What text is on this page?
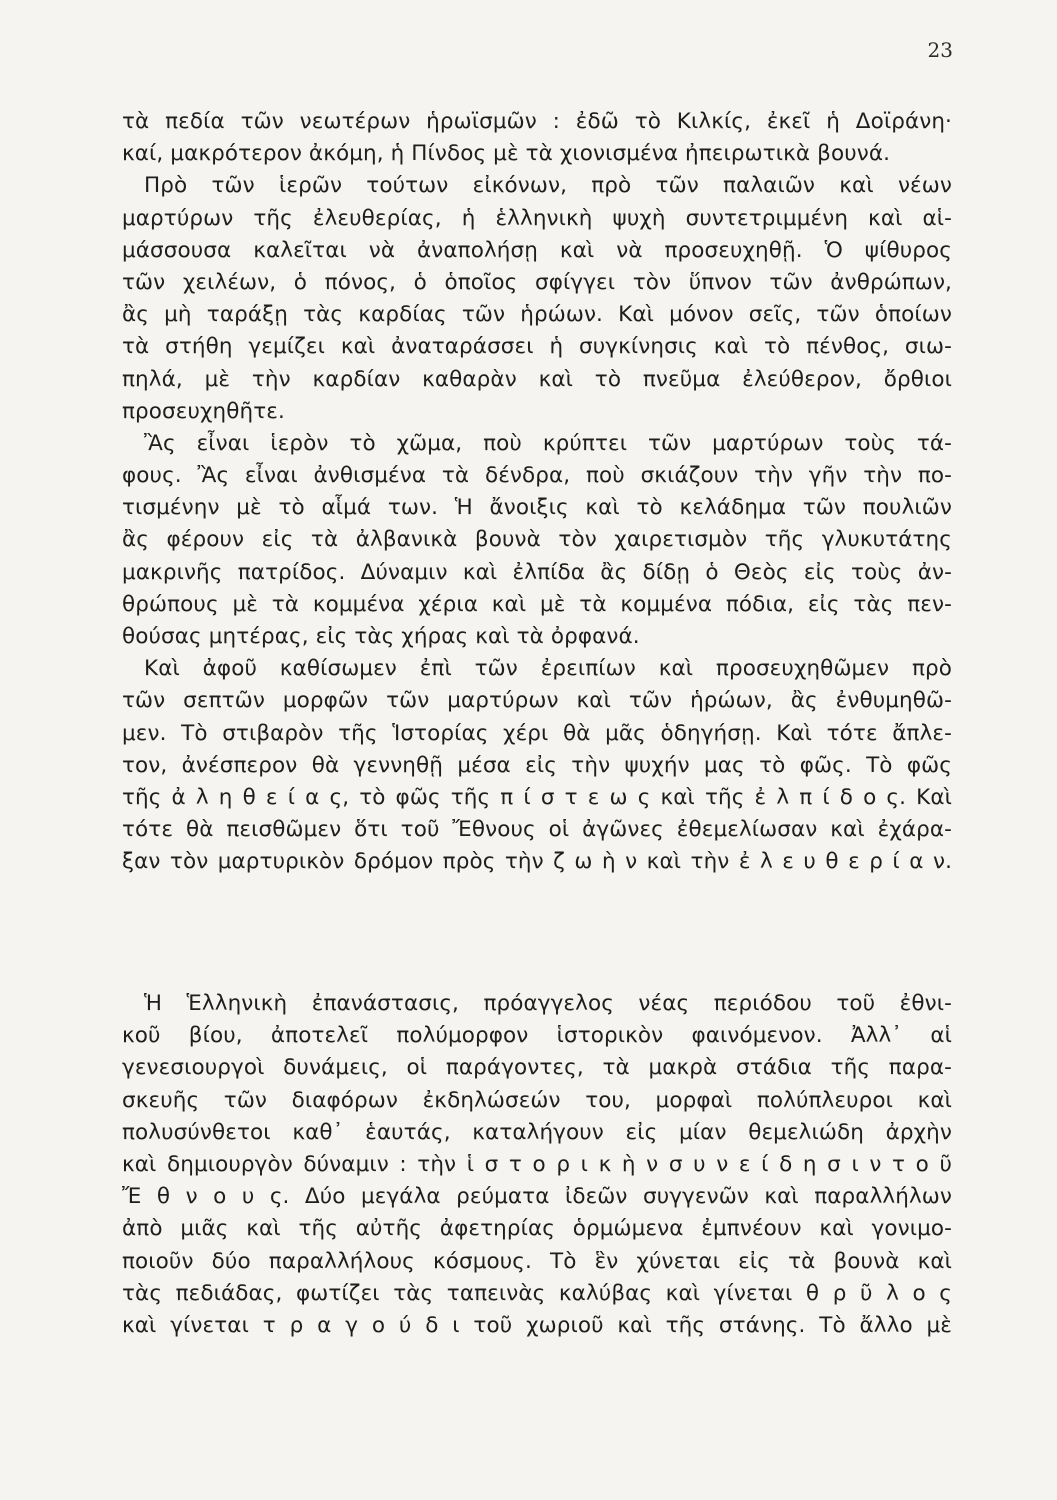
23
τὰ πεδία τῶν νεωτέρων ἡρωϊσμῶν : ἐδῶ τὸ Κιλκίς, ἐκεῖ ἡ Δοϊράνη·
καί, μακρότερον ἀκόμη, ἡ Πίνδος μὲ τὰ χιονισμένα ἠπειρωτικὰ βουνά.
Πρὸ τῶν ἱερῶν τούτων εἰκόνων, πρὸ τῶν παλαιῶν καὶ νέων
μαρτύρων τῆς ἐλευθερίας, ἡ ἑλληνικὴ ψυχὴ συντετριμμένη καὶ αἱ-
μάσσουσα καλεῖται νὰ ἀναπολήσῃ καὶ νὰ προσευχηθῇ. Ὁ ψίθυρος
τῶν χειλέων, ὁ πόνος, ὁ ὁποῖος σφίγγει τὸν ὕπνον τῶν ἀνθρώπων,
ἂς μὴ ταράξῃ τὰς καρδίας τῶν ἡρώων. Καὶ μόνον σεῖς, τῶν ὁποίων
τὰ στήθη γεμίζει καὶ ἀναταράσσει ἡ συγκίνησις καὶ τὸ πένθος, σιω-
πηλά, μὲ τὴν καρδίαν καθαρὰν καὶ τὸ πνεῦμα ἐλεύθερον, ὄρθιοι
προσευχηθῆτε.
Ἂς εἶναι ἱερὸν τὸ χῶμα, ποὺ κρύπτει τῶν μαρτύρων τοὺς τά-
φους. Ἂς εἶναι ἀνθισμένα τὰ δένδρα, ποὺ σκιάζουν τὴν γῆν τὴν πο-
τισμένην μὲ τὸ αἷμά των. Ἡ ἄνοιξις καὶ τὸ κελάδημα τῶν πουλιῶν
ἂς φέρουν εἰς τὰ ἀλβανικὰ βουνὰ τὸν χαιρετισμὸν τῆς γλυκυτάτης
μακρινῆς πατρίδος. Δύναμιν καὶ ἐλπίδα ἂς δίδῃ ὁ Θεὸς εἰς τοὺς ἀν-
θρώπους μὲ τὰ κομμένα χέρια καὶ μὲ τὰ κομμένα πόδια, εἰς τὰς πεν-
θούσας μητέρας, εἰς τὰς χήρας καὶ τὰ ὀρφανά.
Καὶ ἀφοῦ καθίσωμεν ἐπὶ τῶν ἐρειπίων καὶ προσευχηθῶμεν πρὸ
τῶν σεπτῶν μορφῶν τῶν μαρτύρων καὶ τῶν ἡρώων, ἂς ἐνθυμηθῶ-
μεν. Τὸ στιβαρὸν τῆς Ἱστορίας χέρι θὰ μᾶς ὁδηγήσῃ. Καὶ τότε ἄπλε-
τον, ἀνέσπερον θὰ γεννηθῇ μέσα εἰς τὴν ψυχήν μας τὸ φῶς. Τὸ φῶς
τῆς ἀ λ η θ ε ί α ς, τὸ φῶς τῆς π ί σ τ ε ω ς καὶ τῆς ἐ λ π ί δ ο ς. Καὶ
τότε θὰ πεισθῶμεν ὅτι τοῦ Ἔθνους οἱ ἀγῶνες ἐθεμελίωσαν καὶ ἐχάρα-
ξαν τὸν μαρτυρικὸν δρόμον πρὸς τὴν ζ ω ὴ ν καὶ τὴν ἐ λ ε υ θ ε ρ ί α ν.
Ἡ Ἑλληνικὴ ἐπανάστασις, πρόαγγελος νέας περιόδου τοῦ ἐθνι-
κοῦ βίου, ἀποτελεῖ πολύμορφον ἱστορικὸν φαινόμενον. Ἀλλ᾽ αἱ
γενεσιουργοὶ δυνάμεις, οἱ παράγοντες, τὰ μακρὰ στάδια τῆς παρα-
σκευῆς τῶν διαφόρων ἐκδηλώσεών του, μορφαὶ πολύπλευροι καὶ
πολυσύνθετοι καθ᾽ ἑαυτάς, καταλήγουν εἰς μίαν θεμελιώδη ἀρχὴν
καὶ δημιουργὸν δύναμιν : τὴν ἱ σ τ ο ρ ι κ ὴ ν σ υ ν ε ί δ η σ ι ν τ ο ῦ
Ἔ θ ν ο υ ς. Δύο μεγάλα ρεύματα ἰδεῶν συγγενῶν καὶ παραλλήλων
ἀπὸ μιᾶς καὶ τῆς αὐτῆς ἀφετηρίας ὁρμώμενα ἐμπνέουν καὶ γονιμο-
ποιοῦν δύο παραλλήλους κόσμους. Τὸ ἓν χύνεται εἰς τὰ βουνὰ καὶ
τὰς πεδιάδας, φωτίζει τὰς ταπεινὰς καλύβας καὶ γίνεται θ ρ ῦ λ ο ς
καὶ γίνεται τ ρ α γ ο ύ δ ι τοῦ χωριοῦ καὶ τῆς στάνης. Τὸ ἄλλο μὲ
